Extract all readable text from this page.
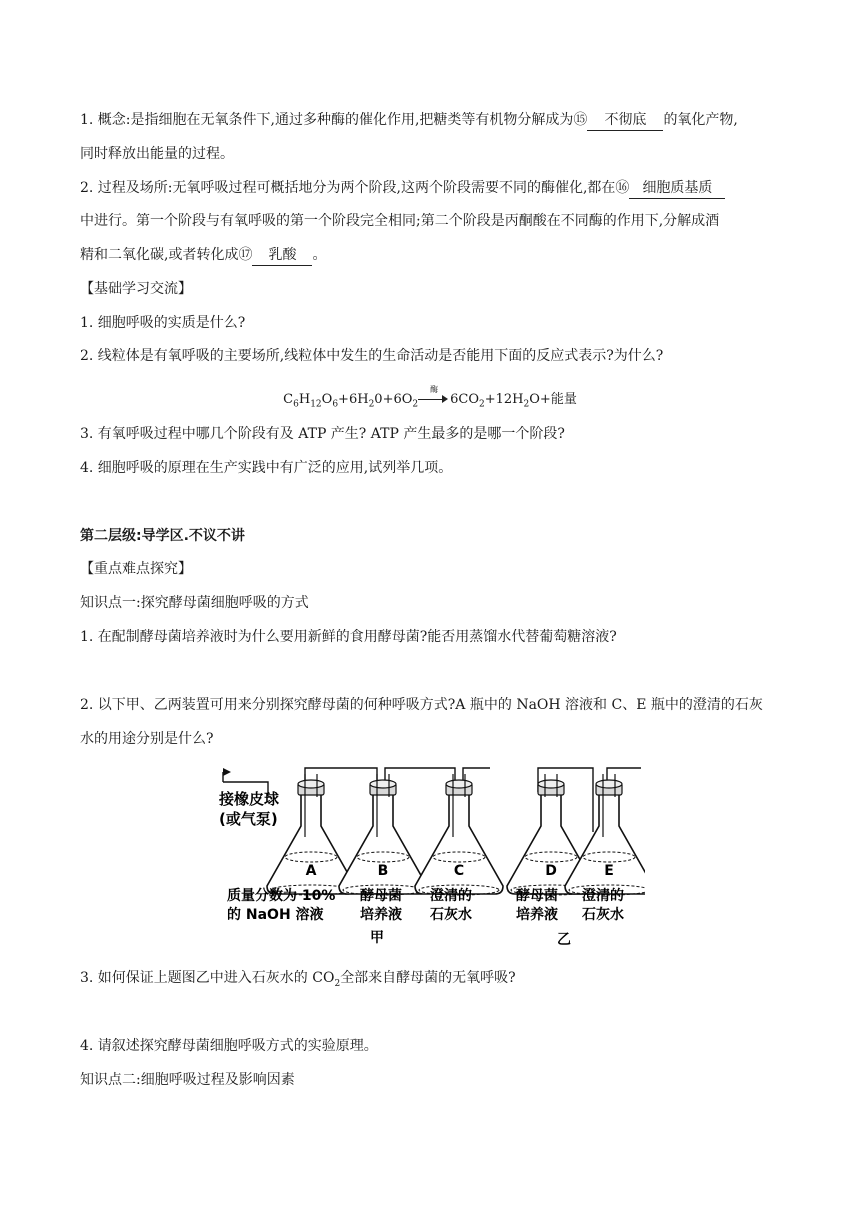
1. 概念:是指细胞在无氧条件下,通过多种酶的催化作用,把糖类等有机物分解成为⑮ 不彻底 的氧化产物,
同时释放出能量的过程。
2. 过程及场所:无氧呼吸过程可概括地分为两个阶段,这两个阶段需要不同的酶催化,都在⑯ 细胞质基质
中进行。第一个阶段与有氧呼吸的第一个阶段完全相同;第二个阶段是丙酮酸在不同酶的作用下,分解成酒
精和二氧化碳,或者转化成⑰ 乳酸 。
【基础学习交流】
1. 细胞呼吸的实质是什么?
2. 线粒体是有氧呼吸的主要场所,线粒体中发生的生命活动是否能用下面的反应式表示?为什么?
$C_6H_{12}O_6+6H_20+6O_2$
酶
$6CO_2+12H_2O+$能量
3. 有氧呼吸过程中哪几个阶段有及 ATP 产生? ATP 产生最多的是哪一个阶段?
4. 细胞呼吸的原理在生产实践中有广泛的应用,试列举几项。
第二层级:导学区.不议不讲
【重点难点探究】
知识点一:探究酵母菌细胞呼吸的方式
1. 在配制酵母菌培养液时为什么要用新鲜的食用酵母菌?能否用蒸馏水代替葡萄糖溶液?
2. 以下甲、乙两装置可用来分别探究酵母菌的何种呼吸方式?A 瓶中的 NaOH 溶液和 C、E 瓶中的澄清的石灰
水的用途分别是什么?
A	B	C	D	E
接橡皮球
(或气泵)
质量分数为 10%
的 NaOH 溶液
酵母菌
培养液
澄清的
石灰水
酵母菌
培养液
澄清的
石灰水
甲	乙
3. 如何保证上题图乙中进入石灰水的 $CO_2$全部来自酵母菌的无氧呼吸?
4. 请叙述探究酵母菌细胞呼吸方式的实验原理。
知识点二:细胞呼吸过程及影响因素
